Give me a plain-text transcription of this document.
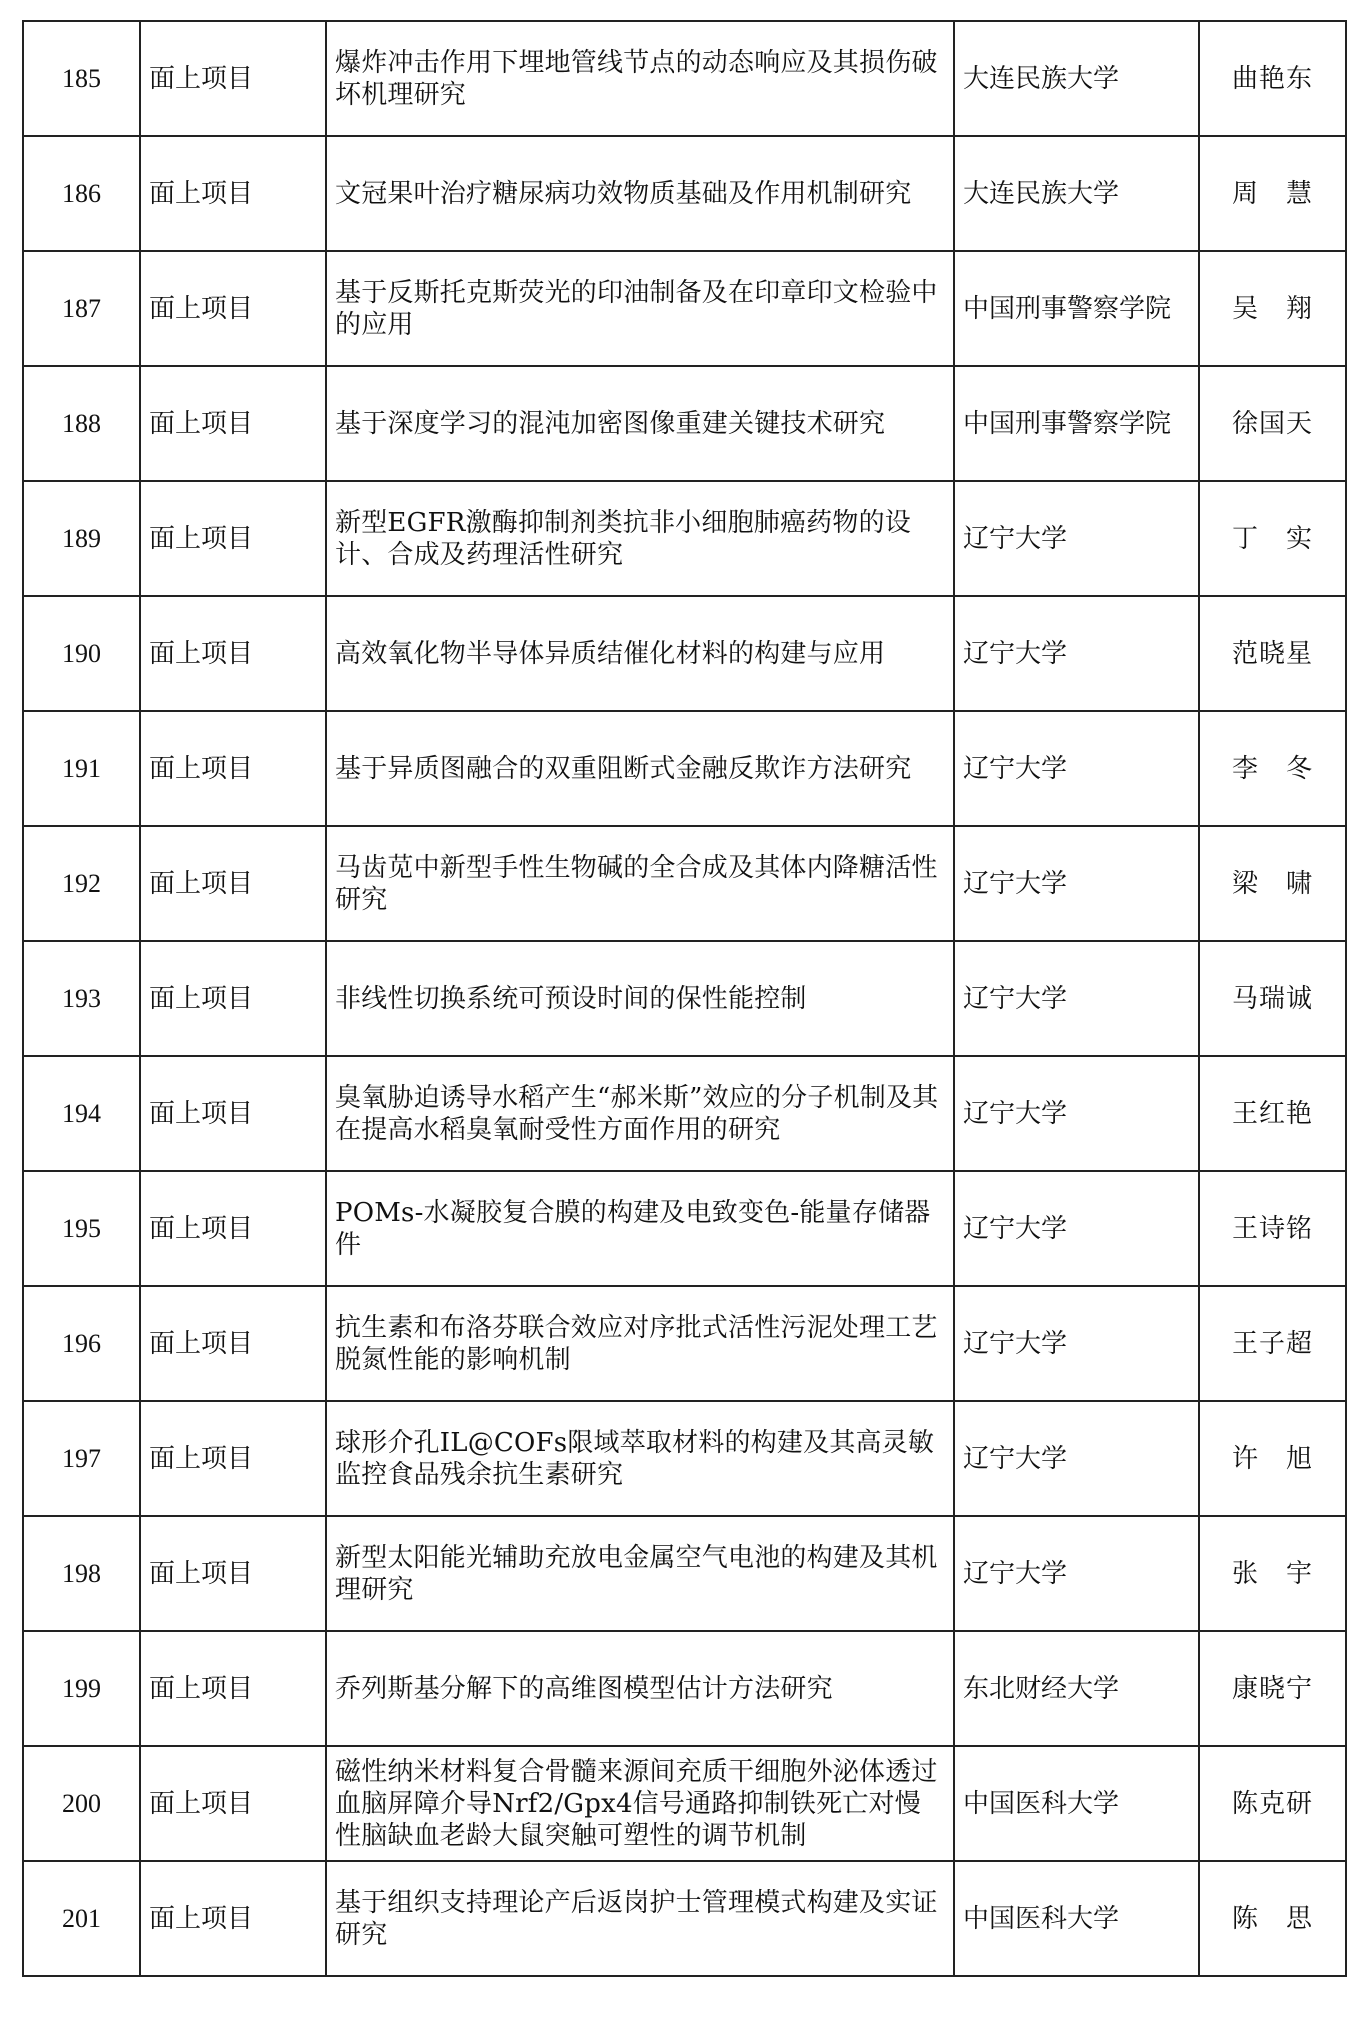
185	面上项目	爆炸冲击作用下埋地管线节点的动态响应及其损伤破坏机理研究	大连民族大学	曲艳东
186	面上项目	文冠果叶治疗糖尿病功效物质基础及作用机制研究	大连民族大学	周　慧
187	面上项目	基于反斯托克斯荧光的印油制备及在印章印文检验中的应用	中国刑事警察学院	吴　翔
188	面上项目	基于深度学习的混沌加密图像重建关键技术研究	中国刑事警察学院	徐国天
189	面上项目	新型EGFR激酶抑制剂类抗非小细胞肺癌药物的设计、合成及药理活性研究	辽宁大学	丁　实
190	面上项目	高效氧化物半导体异质结催化材料的构建与应用	辽宁大学	范晓星
191	面上项目	基于异质图融合的双重阻断式金融反欺诈方法研究	辽宁大学	李　冬
192	面上项目	马齿苋中新型手性生物碱的全合成及其体内降糖活性研究	辽宁大学	梁　啸
193	面上项目	非线性切换系统可预设时间的保性能控制	辽宁大学	马瑞诚
194	面上项目	臭氧胁迫诱导水稻产生“郝米斯”效应的分子机制及其在提高水稻臭氧耐受性方面作用的研究	辽宁大学	王红艳
195	面上项目	POMs-水凝胶复合膜的构建及电致变色-能量存储器件	辽宁大学	王诗铭
196	面上项目	抗生素和布洛芬联合效应对序批式活性污泥处理工艺脱氮性能的影响机制	辽宁大学	王子超
197	面上项目	球形介孔IL@COFs限域萃取材料的构建及其高灵敏监控食品残余抗生素研究	辽宁大学	许　旭
198	面上项目	新型太阳能光辅助充放电金属空气电池的构建及其机理研究	辽宁大学	张　宇
199	面上项目	乔列斯基分解下的高维图模型估计方法研究	东北财经大学	康晓宁
200	面上项目	磁性纳米材料复合骨髓来源间充质干细胞外泌体透过血脑屏障介导Nrf2/Gpx4信号通路抑制铁死亡对慢性脑缺血老龄大鼠突触可塑性的调节机制	中国医科大学	陈克研
201	面上项目	基于组织支持理论产后返岗护士管理模式构建及实证研究	中国医科大学	陈　思
